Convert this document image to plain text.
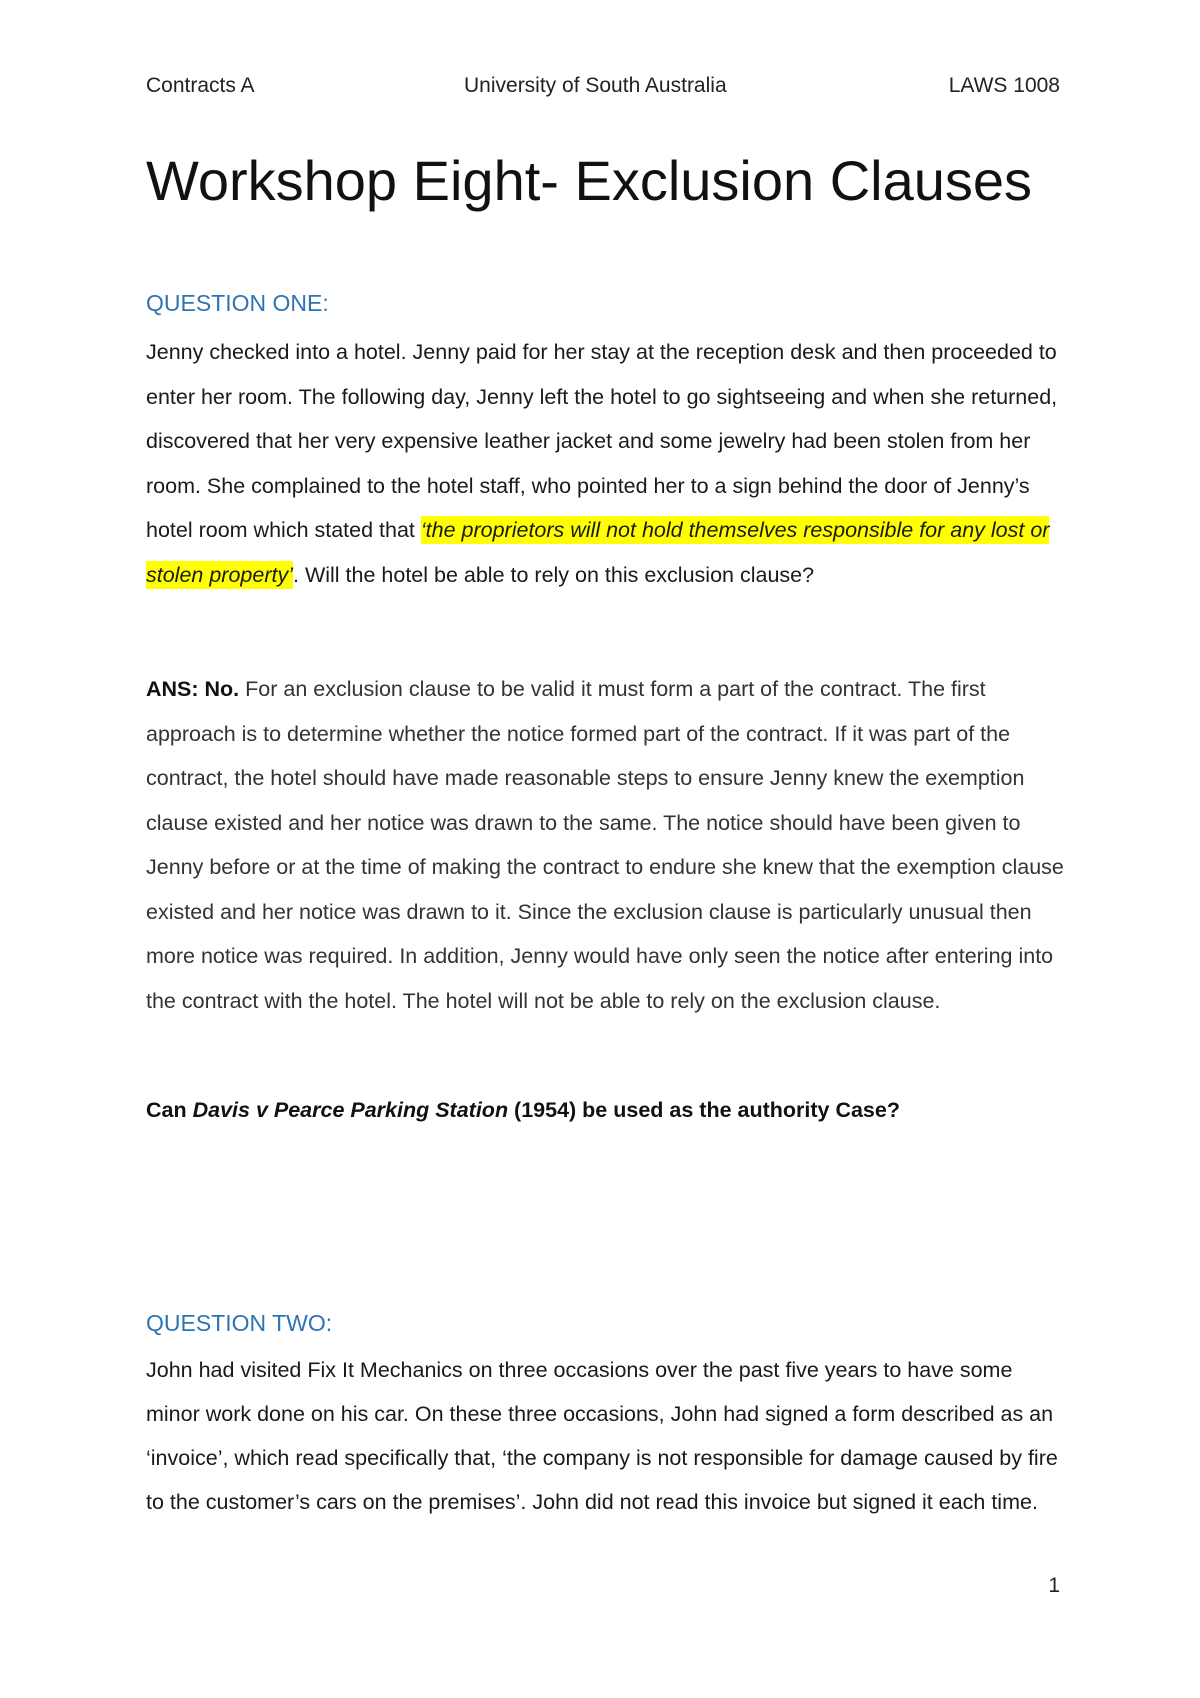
Contracts A	University of South Australia	LAWS 1008
Workshop Eight- Exclusion Clauses
QUESTION ONE:

Jenny checked into a hotel. Jenny paid for her stay at the reception desk and then proceeded to enter her room. The following day, Jenny left the hotel to go sightseeing and when she returned, discovered that her very expensive leather jacket and some jewelry had been stolen from her room. She complained to the hotel staff, who pointed her to a sign behind the door of Jenny’s hotel room which stated that ‘the proprietors will not hold themselves responsible for any lost or stolen property’. Will the hotel be able to rely on this exclusion clause?

ANS: No. For an exclusion clause to be valid it must form a part of the contract. The first approach is to determine whether the notice formed part of the contract. If it was part of the contract, the hotel should have made reasonable steps to ensure Jenny knew the exemption clause existed and her notice was drawn to the same. The notice should have been given to Jenny before or at the time of making the contract to endure she knew that the exemption clause existed and her notice was drawn to it. Since the exclusion clause is particularly unusual then more notice was required. In addition, Jenny would have only seen the notice after entering into the contract with the hotel. The hotel will not be able to rely on the exclusion clause.

Can Davis v Pearce Parking Station (1954) be used as the authority Case?

QUESTION TWO:

John had visited Fix It Mechanics on three occasions over the past five years to have some minor work done on his car. On these three occasions, John had signed a form described as an ‘invoice’, which read specifically that, ‘the company is not responsible for damage caused by fire to the customer’s cars on the premises’. John did not read this invoice but signed it each time.

1
